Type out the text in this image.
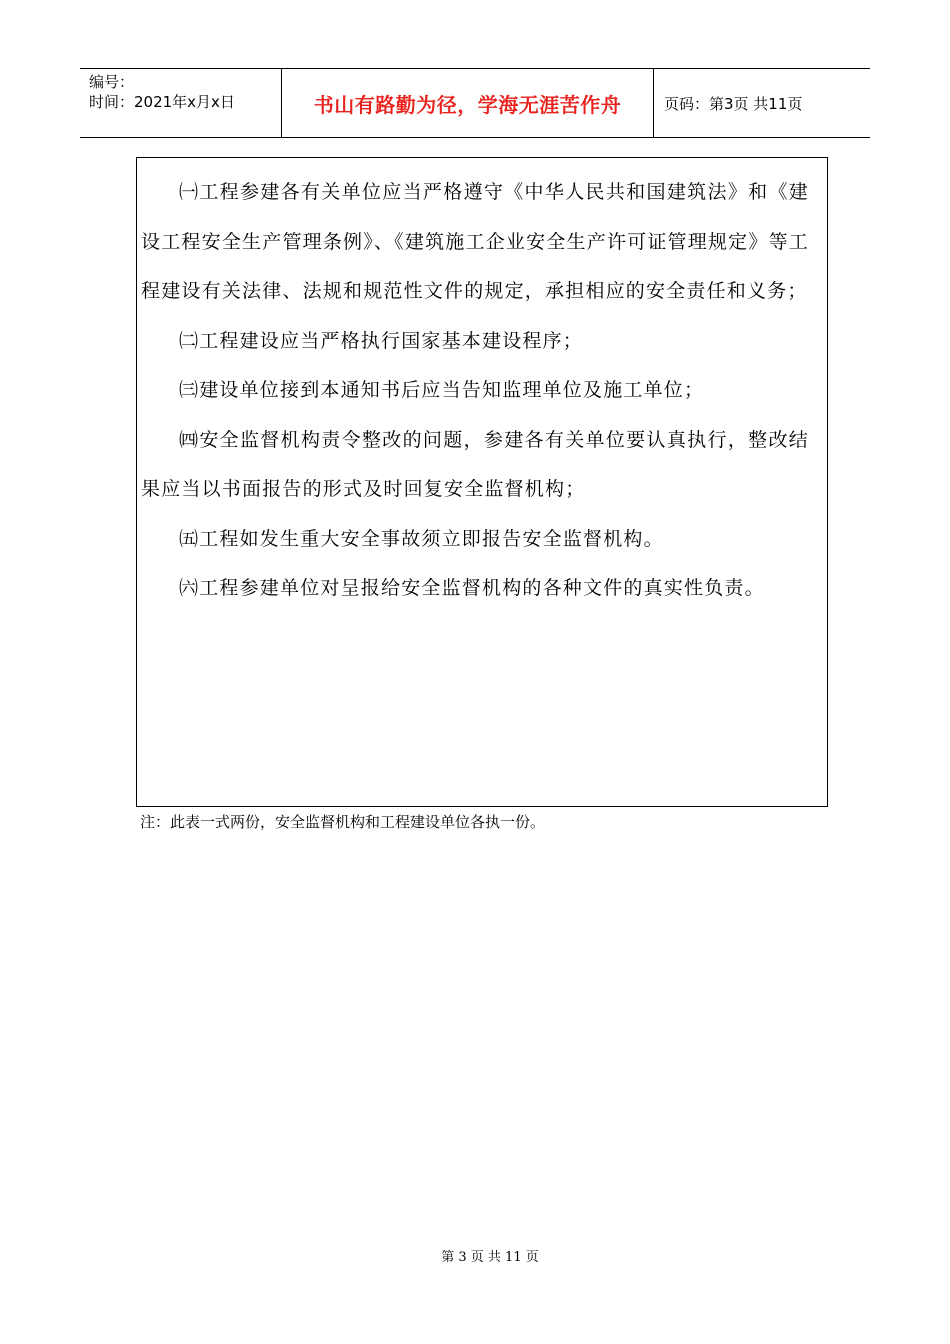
编号：
时间：2021年x月x日	书山有路勤为径，学海无涯苦作舟	页码：第3页 共11页

㈠工程参建各有关单位应当严格遵守《中华人民共和国建筑法》和《建设工程安全生产管理条例》、《建筑施工企业安全生产许可证管理规定》等工程建设有关法律、法规和规范性文件的规定，承担相应的安全责任和义务；

㈡工程建设应当严格执行国家基本建设程序；

㈢建设单位接到本通知书后应当告知监理单位及施工单位；

㈣安全监督机构责令整改的问题，参建各有关单位要认真执行，整改结果应当以书面报告的形式及时回复安全监督机构；

㈤工程如发生重大安全事故须立即报告安全监督机构。

㈥工程参建单位对呈报给安全监督机构的各种文件的真实性负责。

注：此表一式两份，安全监督机构和工程建设单位各执一份。
第 3 页 共 11 页
